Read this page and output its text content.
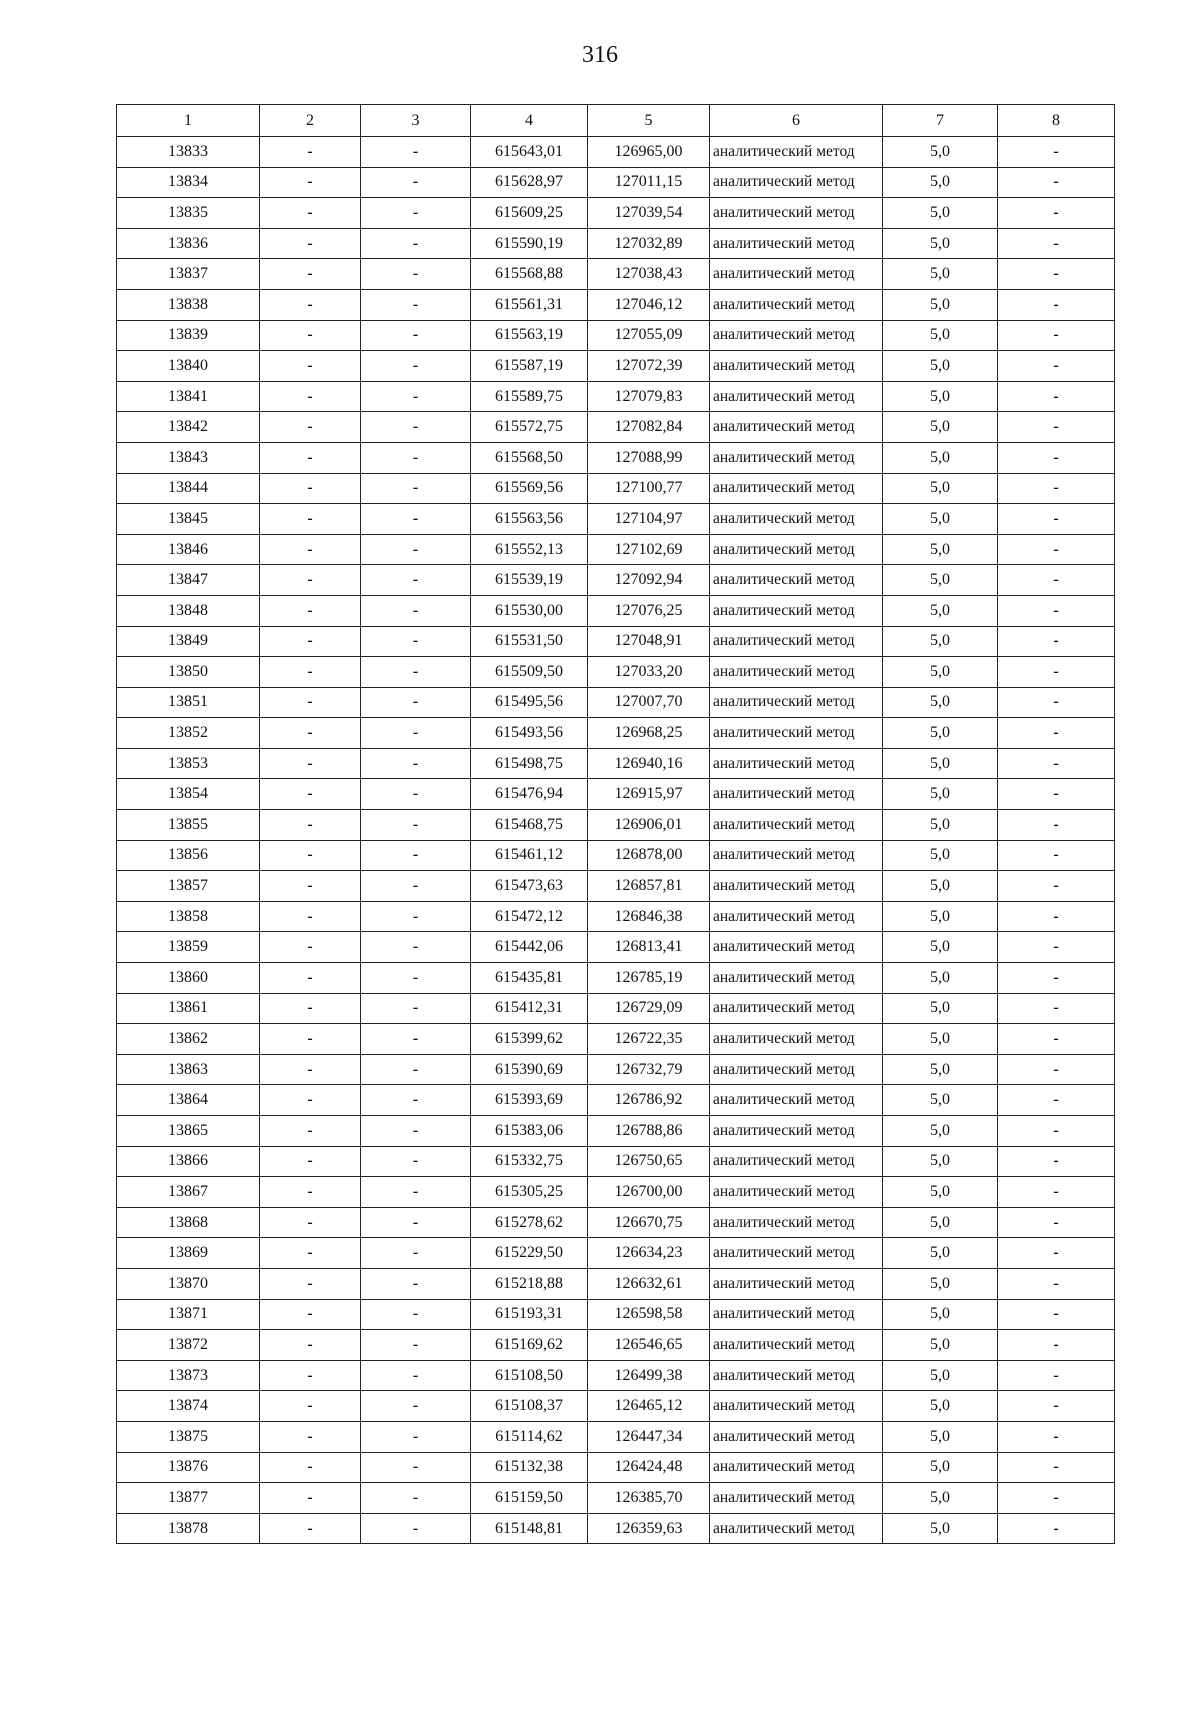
316
1	2	3	4	5	6	7	8
13833	-	-	615643,01	126965,00	аналитический метод	5,0	-
13834	-	-	615628,97	127011,15	аналитический метод	5,0	-
13835	-	-	615609,25	127039,54	аналитический метод	5,0	-
13836	-	-	615590,19	127032,89	аналитический метод	5,0	-
13837	-	-	615568,88	127038,43	аналитический метод	5,0	-
13838	-	-	615561,31	127046,12	аналитический метод	5,0	-
13839	-	-	615563,19	127055,09	аналитический метод	5,0	-
13840	-	-	615587,19	127072,39	аналитический метод	5,0	-
13841	-	-	615589,75	127079,83	аналитический метод	5,0	-
13842	-	-	615572,75	127082,84	аналитический метод	5,0	-
13843	-	-	615568,50	127088,99	аналитический метод	5,0	-
13844	-	-	615569,56	127100,77	аналитический метод	5,0	-
13845	-	-	615563,56	127104,97	аналитический метод	5,0	-
13846	-	-	615552,13	127102,69	аналитический метод	5,0	-
13847	-	-	615539,19	127092,94	аналитический метод	5,0	-
13848	-	-	615530,00	127076,25	аналитический метод	5,0	-
13849	-	-	615531,50	127048,91	аналитический метод	5,0	-
13850	-	-	615509,50	127033,20	аналитический метод	5,0	-
13851	-	-	615495,56	127007,70	аналитический метод	5,0	-
13852	-	-	615493,56	126968,25	аналитический метод	5,0	-
13853	-	-	615498,75	126940,16	аналитический метод	5,0	-
13854	-	-	615476,94	126915,97	аналитический метод	5,0	-
13855	-	-	615468,75	126906,01	аналитический метод	5,0	-
13856	-	-	615461,12	126878,00	аналитический метод	5,0	-
13857	-	-	615473,63	126857,81	аналитический метод	5,0	-
13858	-	-	615472,12	126846,38	аналитический метод	5,0	-
13859	-	-	615442,06	126813,41	аналитический метод	5,0	-
13860	-	-	615435,81	126785,19	аналитический метод	5,0	-
13861	-	-	615412,31	126729,09	аналитический метод	5,0	-
13862	-	-	615399,62	126722,35	аналитический метод	5,0	-
13863	-	-	615390,69	126732,79	аналитический метод	5,0	-
13864	-	-	615393,69	126786,92	аналитический метод	5,0	-
13865	-	-	615383,06	126788,86	аналитический метод	5,0	-
13866	-	-	615332,75	126750,65	аналитический метод	5,0	-
13867	-	-	615305,25	126700,00	аналитический метод	5,0	-
13868	-	-	615278,62	126670,75	аналитический метод	5,0	-
13869	-	-	615229,50	126634,23	аналитический метод	5,0	-
13870	-	-	615218,88	126632,61	аналитический метод	5,0	-
13871	-	-	615193,31	126598,58	аналитический метод	5,0	-
13872	-	-	615169,62	126546,65	аналитический метод	5,0	-
13873	-	-	615108,50	126499,38	аналитический метод	5,0	-
13874	-	-	615108,37	126465,12	аналитический метод	5,0	-
13875	-	-	615114,62	126447,34	аналитический метод	5,0	-
13876	-	-	615132,38	126424,48	аналитический метод	5,0	-
13877	-	-	615159,50	126385,70	аналитический метод	5,0	-
13878	-	-	615148,81	126359,63	аналитический метод	5,0	-
